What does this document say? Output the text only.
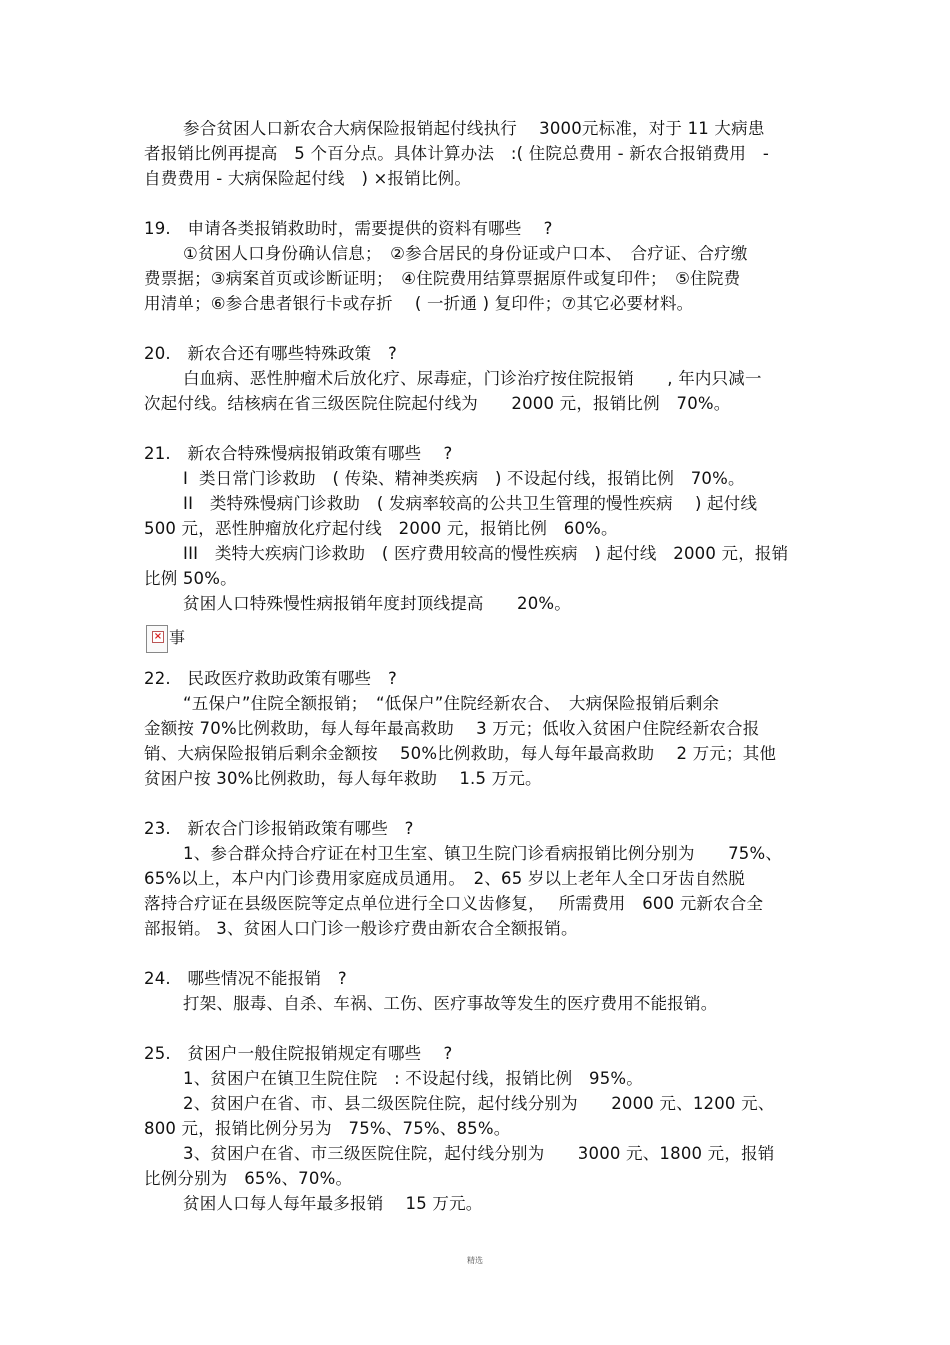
参合贫困人口新农合大病保险报销起付线执行　 3000元标准，对于 11 大病患
者报销比例再提高　5 个百分点。具体计算办法　:( 住院总费用 - 新农合报销费用　-
自费费用 - 大病保险起付线　) ×报销比例。
19.　申请各类报销救助时，需要提供的资料有哪些　 ?
①贫困人口身份确认信息；　②参合居民的身份证或户口本、　合疗证、合疗缴
费票据；③病案首页或诊断证明；　④住院费用结算票据原件或复印件；　⑤住院费
用清单；⑥参合患者银行卡或存折　 ( 一折通 ) 复印件；⑦其它必要材料。
20.　新农合还有哪些特殊政策　?
白血病、恶性肿瘤术后放化疗、尿毒症，门诊治疗按住院报销　　, 年内只减一
次起付线。结核病在省三级医院住院起付线为　　2000 元，报销比例　70%。
21.　新农合特殊慢病报销政策有哪些　 ?
I  类日常门诊救助　( 传染、精神类疾病　) 不设起付线，报销比例　70%。
II　类特殊慢病门诊救助　( 发病率较高的公共卫生管理的慢性疾病　 ) 起付线
500 元，恶性肿瘤放化疗起付线　2000 元，报销比例　60%。
III　类特大疾病门诊救助　( 医疗费用较高的慢性疾病　) 起付线　2000 元，报销
比例 50%。
贫困人口特殊慢性病报销年度封顶线提高　　20%。
× 事
22.　民政医疗救助政策有哪些　?
“五保户”住院全额报销；　“低保户”住院经新农合、　大病保险报销后剩余
金额按 70%比例救助，每人每年最高救助　 3 万元；低收入贫困户住院经新农合报
销、大病保险报销后剩余金额按　 50%比例救助，每人每年最高救助　 2 万元；其他
贫困户按 30%比例救助，每人每年救助　 1.5 万元。
23.　新农合门诊报销政策有哪些　?
1、参合群众持合疗证在村卫生室、镇卫生院门诊看病报销比例分别为　　75%、
65%以上，本户内门诊费用家庭成员通用。　2、65 岁以上老年人全口牙齿自然脱
落持合疗证在县级医院等定点单位进行全口义齿修复，　 所需费用　600 元新农合全
部报销。 3、贫困人口门诊一般诊疗费由新农合全额报销。
24.　哪些情况不能报销　?
打架、服毒、自杀、车祸、工伤、医疗事故等发生的医疗费用不能报销。
25.　贫困户一般住院报销规定有哪些　 ?
1、贫困户在镇卫生院住院　: 不设起付线，报销比例　95%。
2、贫困户在省、市、县二级医院住院，起付线分别为　　2000 元、1200 元、
800 元，报销比例分另为　75%、75%、85%。
3、贫困户在省、市三级医院住院，起付线分别为　　3000 元、1800 元，报销
比例分别为　65%、70%。
贫困人口每人每年最多报销　 15 万元。
精选
